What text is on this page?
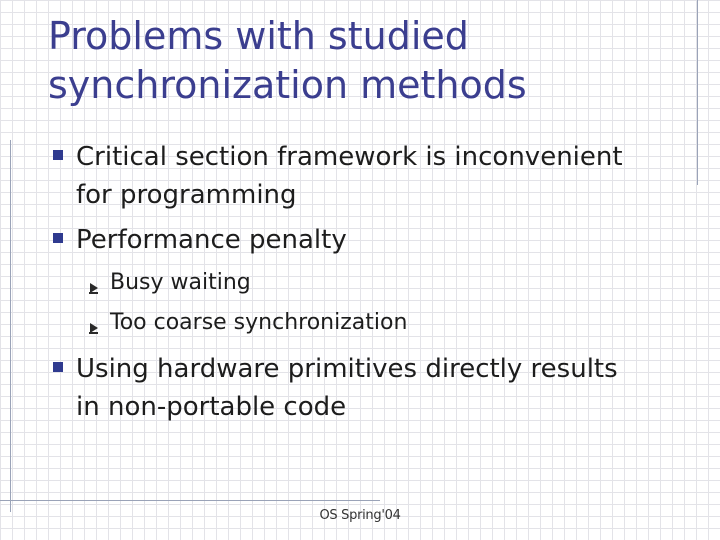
Problems with studied
synchronization methods
Critical section framework is inconvenient
for programming
Performance penalty
Busy waiting
Too coarse synchronization
Using hardware primitives directly results
in non-portable code
OS Spring'04
